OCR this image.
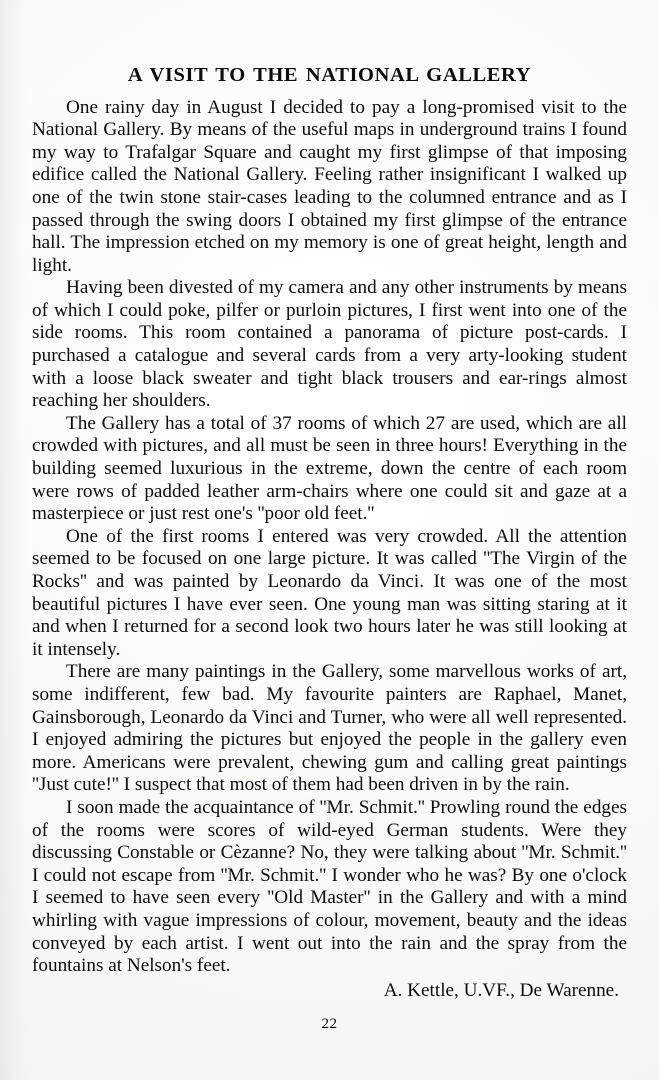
A VISIT TO THE NATIONAL GALLERY

One rainy day in August I decided to pay a long-promised visit to the National Gallery. By means of the useful maps in underground trains I found my way to Trafalgar Square and caught my first glimpse of that imposing edifice called the National Gallery. Feeling rather insignificant I walked up one of the twin stone stair-cases leading to the columned entrance and as I passed through the swing doors I obtained my first glimpse of the entrance hall. The impression etched on my memory is one of great height, length and light.

Having been divested of my camera and any other instruments by means of which I could poke, pilfer or purloin pictures, I first went into one of the side rooms. This room contained a panorama of picture post-cards. I purchased a catalogue and several cards from a very arty-looking student with a loose black sweater and tight black trousers and ear-rings almost reaching her shoulders.

The Gallery has a total of 37 rooms of which 27 are used, which are all crowded with pictures, and all must be seen in three hours! Everything in the building seemed luxurious in the extreme, down the centre of each room were rows of padded leather arm-chairs where one could sit and gaze at a masterpiece or just rest one's ''poor old feet.''

One of the first rooms I entered was very crowded. All the attention seemed to be focused on one large picture. It was called ''The Virgin of the Rocks'' and was painted by Leonardo da Vinci. It was one of the most beautiful pictures I have ever seen. One young man was sitting staring at it and when I returned for a second look two hours later he was still looking at it intensely.

There are many paintings in the Gallery, some marvellous works of art, some indifferent, few bad. My favourite painters are Raphael, Manet, Gainsborough, Leonardo da Vinci and Turner, who were all well represented. I enjoyed admiring the pictures but enjoyed the people in the gallery even more. Americans were prevalent, chewing gum and calling great paintings ''Just cute!'' I suspect that most of them had been driven in by the rain.

I soon made the acquaintance of ''Mr. Schmit.'' Prowling round the edges of the rooms were scores of wild-eyed German students. Were they discussing Constable or Cèzanne? No, they were talking about ''Mr. Schmit.'' I could not escape from ''Mr. Schmit.'' I wonder who he was? By one o'clock I seemed to have seen every ''Old Master'' in the Gallery and with a mind whirling with vague impressions of colour, movement, beauty and the ideas conveyed by each artist. I went out into the rain and the spray from the fountains at Nelson's feet.

A. Kettle, U.VF., De Warenne.

22
